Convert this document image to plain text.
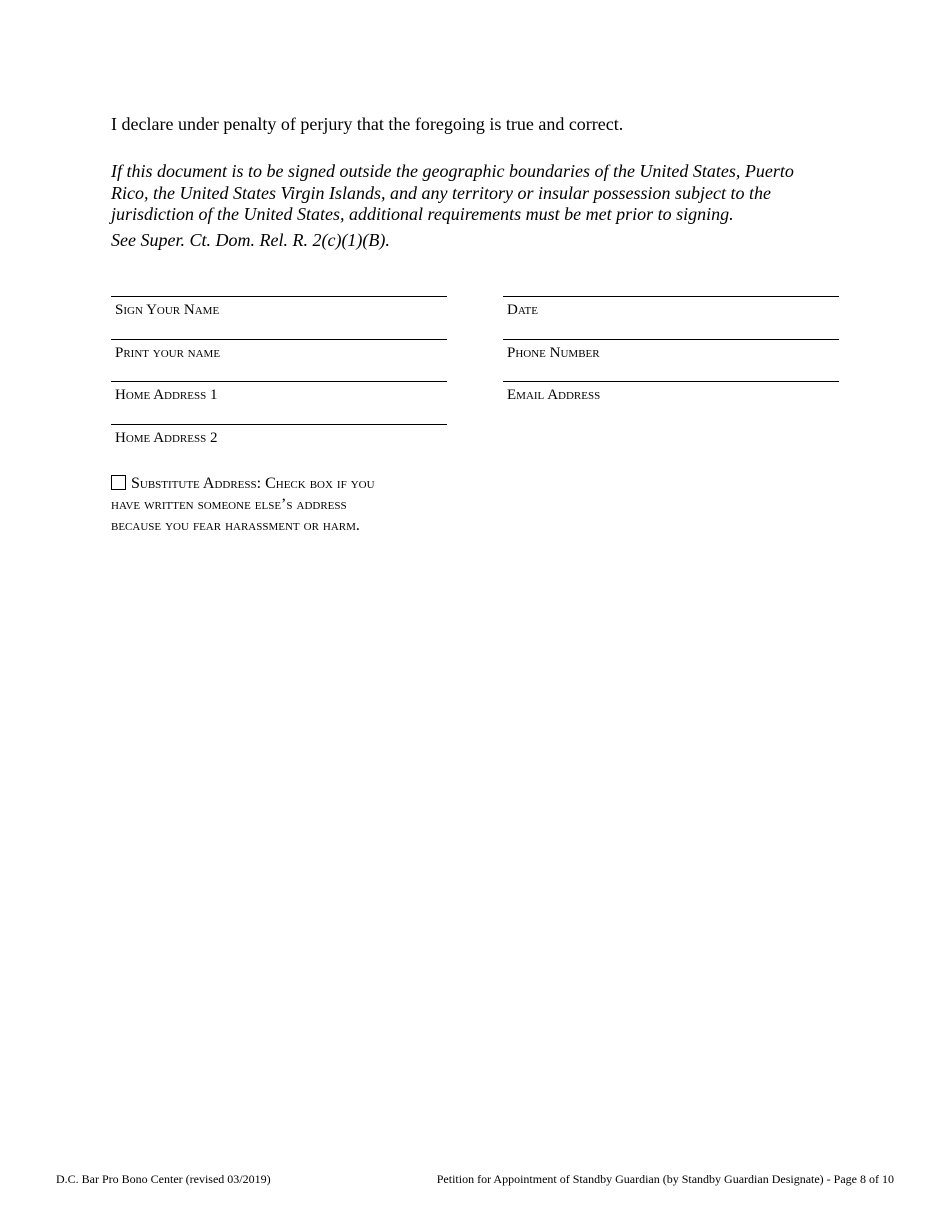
I declare under penalty of perjury that the foregoing is true and correct.
If this document is to be signed outside the geographic boundaries of the United States, Puerto
Rico, the United States Virgin Islands, and any territory or insular possession subject to the
jurisdiction of the United States, additional requirements must be met prior to signing.
See Super. Ct. Dom. Rel. R. 2(c)(1)(B).
Sign Your Name
Print your name
Home Address 1
Home Address 2
Date
Phone Number
Email Address
Substitute Address: Check box if you
have written someone else’s address
because you fear harassment or harm.
D.C. Bar Pro Bono Center (revised 03/2019)	Petition for Appointment of Standby Guardian (by Standby Guardian Designate) - Page 8 of 10
